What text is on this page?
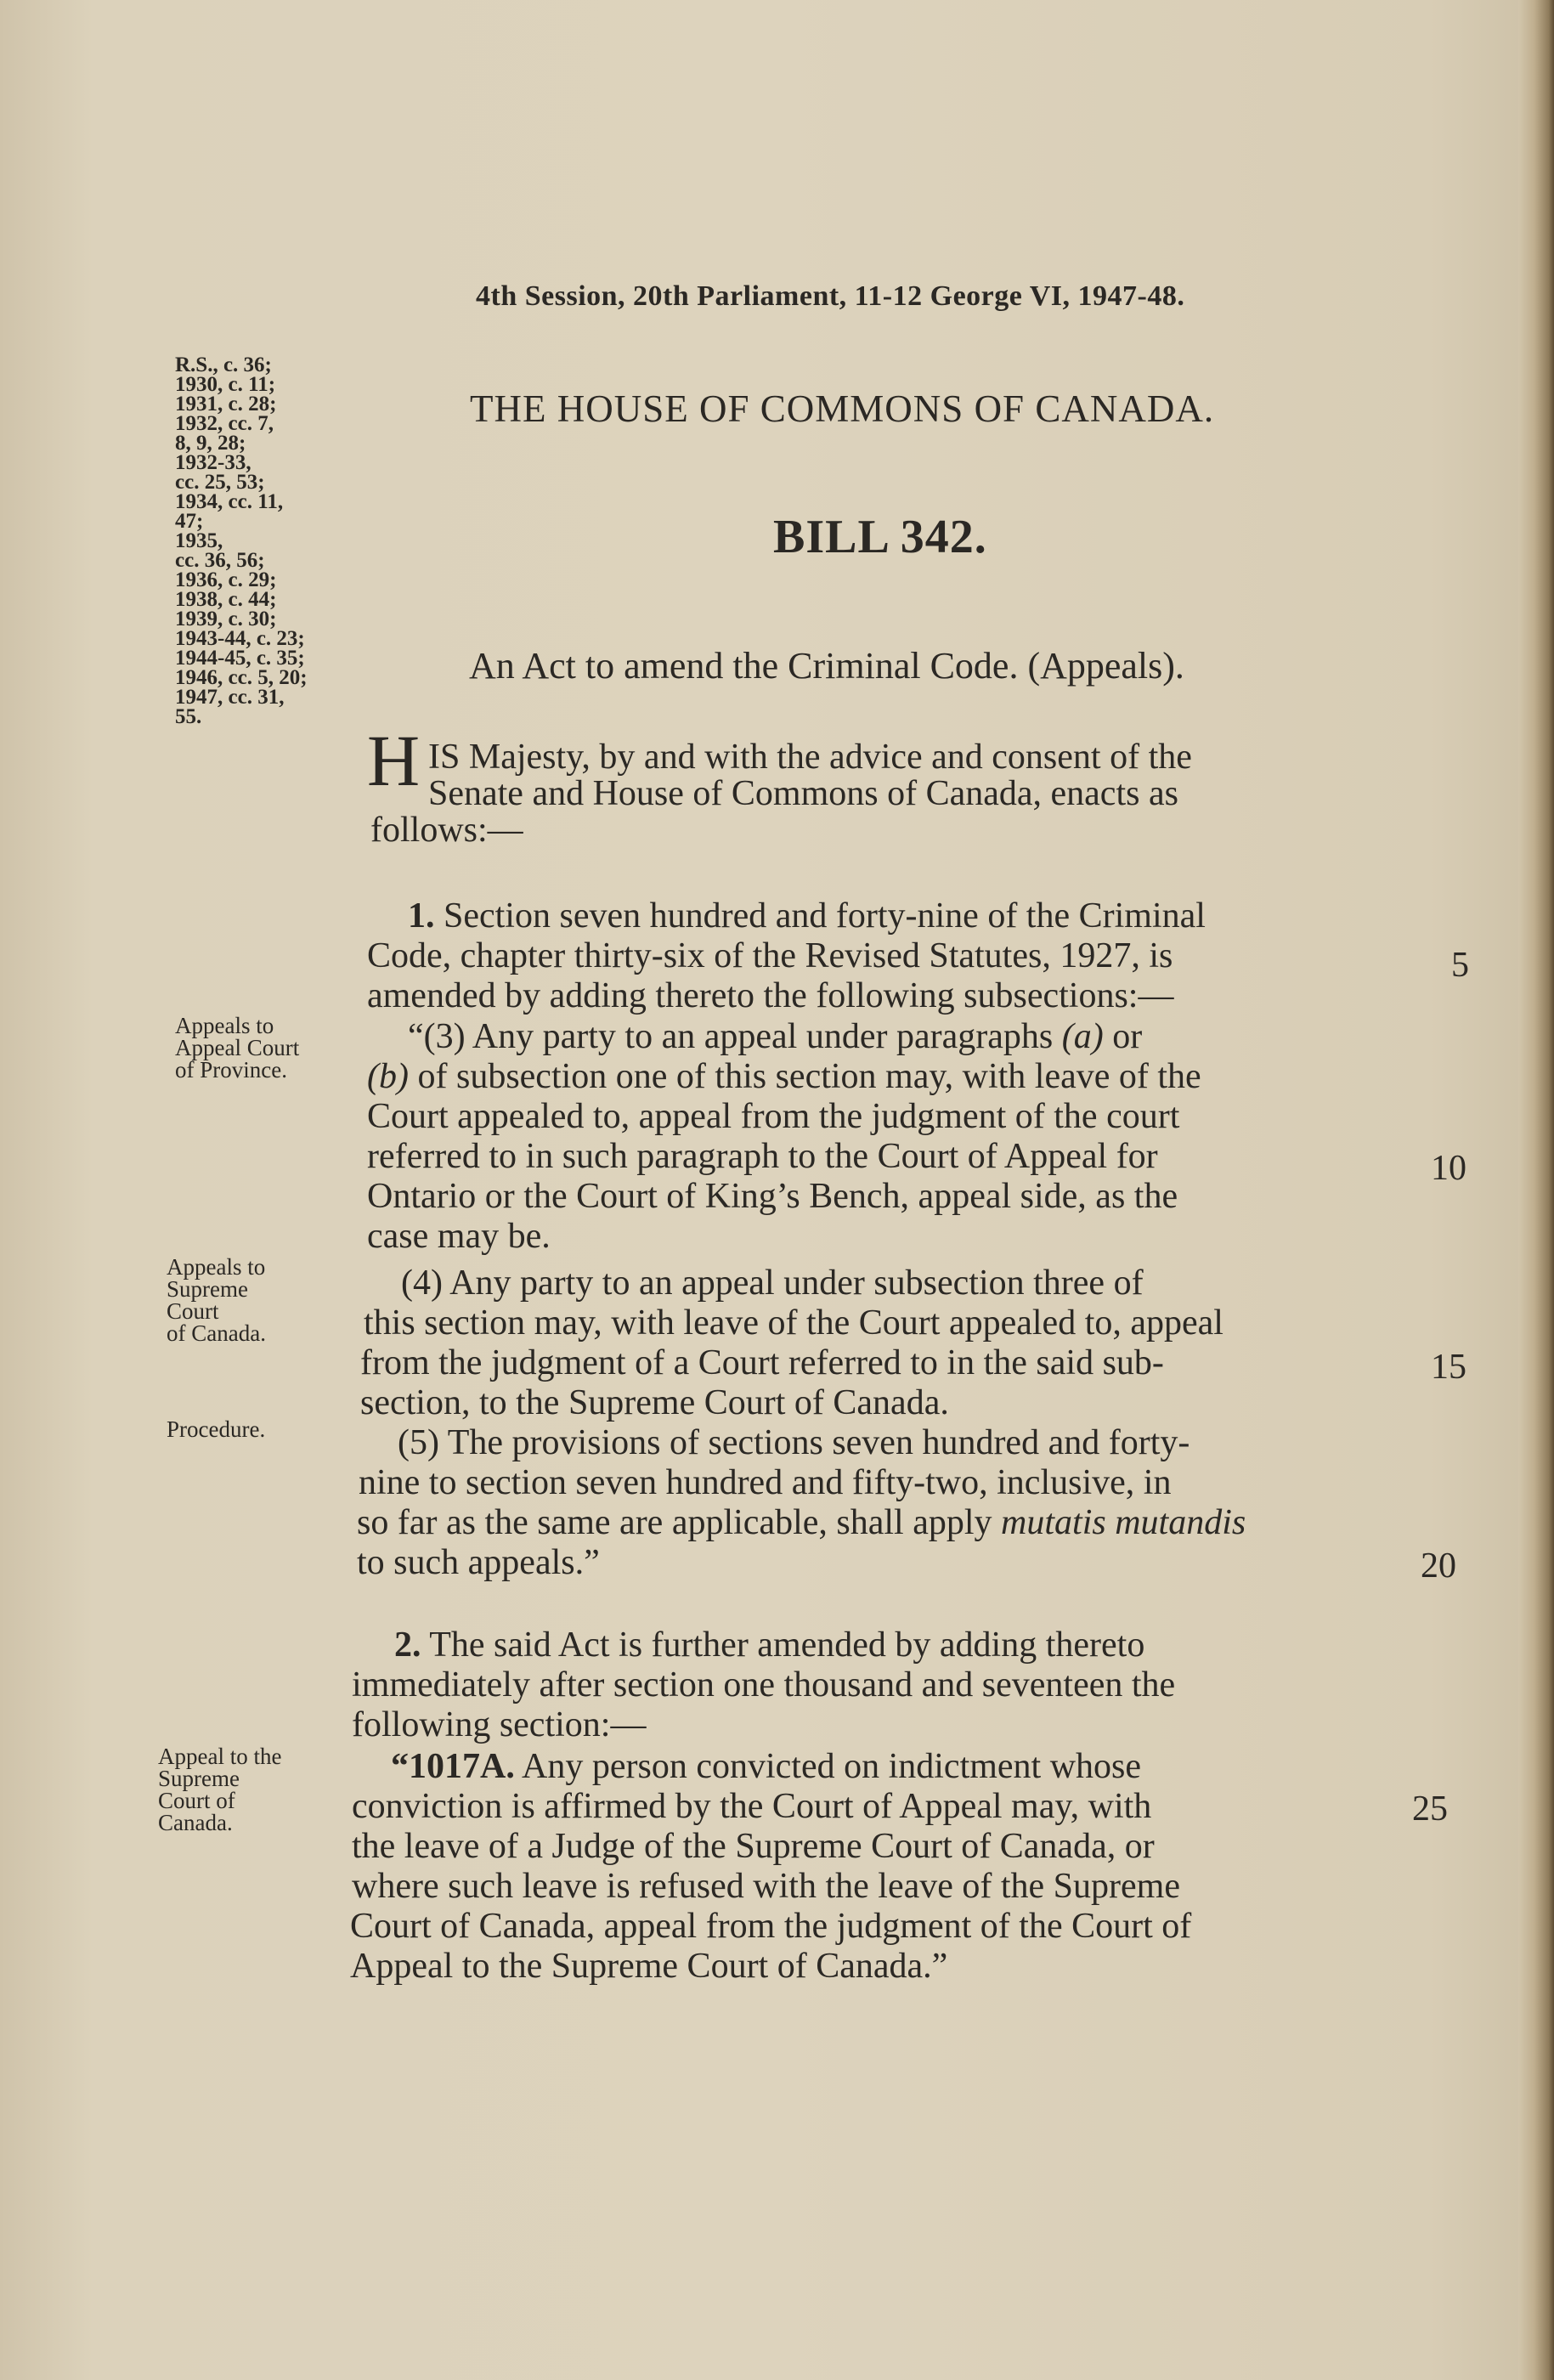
4th Session, 20th Parliament, 11-12 George VI, 1947-48.
THE HOUSE OF COMMONS OF CANADA.
BILL 342.
An Act to amend the Criminal Code. (Appeals).
R.S., c. 36;
1930, c. 11;
1931, c. 28;
1932, cc. 7,
8, 9, 28;
1932-33,
cc. 25, 53;
1934, cc. 11,
47;
1935,
cc. 36, 56;
1936, c. 29;
1938, c. 44;
1939, c. 30;
1943-44, c. 23;
1944-45, c. 35;
1946, cc. 5, 20;
1947, cc. 31,
55.
Appeals to
Appeal Court
of Province.
Appeals to
Supreme
Court
of Canada.
Procedure.
Appeal to the
Supreme
Court of
Canada.
H IS Majesty, by and with the advice and consent of the
Senate and House of Commons of Canada, enacts as
follows:—
1. Section seven hundred and forty-nine of the Criminal
Code, chapter thirty-six of the Revised Statutes, 1927, is
amended by adding thereto the following subsections:—
“(3) Any party to an appeal under paragraphs (a) or
(b) of subsection one of this section may, with leave of the
Court appealed to, appeal from the judgment of the court
referred to in such paragraph to the Court of Appeal for
Ontario or the Court of King’s Bench, appeal side, as the
case may be.
(4) Any party to an appeal under subsection three of
this section may, with leave of the Court appealed to, appeal
from the judgment of a Court referred to in the said sub-
section, to the Supreme Court of Canada.
(5) The provisions of sections seven hundred and forty-
nine to section seven hundred and fifty-two, inclusive, in
so far as the same are applicable, shall apply mutatis mutandis
to such appeals.”
2. The said Act is further amended by adding thereto
immediately after section one thousand and seventeen the
following section:—
“1017A. Any person convicted on indictment whose
conviction is affirmed by the Court of Appeal may, with
the leave of a Judge of the Supreme Court of Canada, or
where such leave is refused with the leave of the Supreme
Court of Canada, appeal from the judgment of the Court of
Appeal to the Supreme Court of Canada.”
5
10
15
20
25
